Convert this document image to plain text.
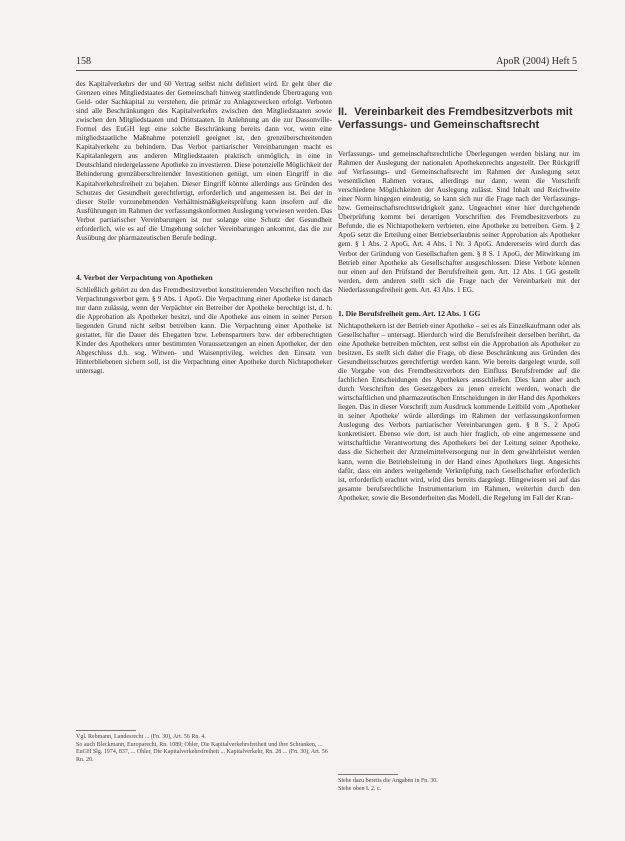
158	ApoR (2004) Heft 5

des Kapitalverkehrs der und 60 Vertrag selbst nicht definiert wird. Er geht über die Grenzen eines Mitgliedstaates der Gemeinschaft hinweg stattfindende Übertragung von Geld- oder Sachkapital zu verstehen, die primär zu Anlagezwecken erfolgt. Verboten sind alle Beschränkungen des Kapitalverkehrs zwischen den Mitgliedstaaten sowie zwischen den Mitgliedstaaten und Drittstaaten. In Anlehnung an die zur Dassonville-Formel des EuGH legt eine solche Beschränkung bereits dann vor, wenn eine mitgliedstaatliche Maßnahme potenziell geeignet ist, den grenzüberschreitenden Kapitalverkehr zu behindern. Das Verbot partiarischer Vereinbarungen macht es Kapitalanlegern aus anderen Mitgliedstaaten praktisch unmöglich, in eine in Deutschland niedergelassene Apotheke zu investieren. Diese potenzielle Möglichkeit der Behinderung grenzüberschreitender Investitionen genügt, um einen Eingriff in die Kapitalverkehrsfreiheit zu bejahen. Dieser Eingriff könnte allerdings aus Gründen des Schutzes der Gesundheit gerechtfertigt, erforderlich und angemessen ist. Bei der in dieser Stelle vorzunehmenden Verhältnismäßigkeitsprüfung kann insofern auf die Ausführungen im Rahmen der verfassungskonformen Auslegung verwiesen werden. Das Verbot partiarischer Vereinbarungen ist nur solange eine Schutz der Gesundheit erforderlich, wie es auf die Umgehung solcher Vereinbarungen ankommt, das die zur Ausübung der pharmazeutischen Berufe bedingt.

4. Verbot der Verpachtung von Apotheken

Schließlich gehört zu den das Fremdbesitzverbot konstituierenden Vorschriften noch das Verpachtungsverbot gem. § 9 Abs. 1 ApoG. Die Verpachtung einer Apotheke ist danach nur dann zulässig, wenn der Verpächter ein Betreiber der Apotheke berechtigt ist, d. h. die Approbation als Apotheker besitzt, und die Apotheke aus einem in seiner Person liegenden Grund nicht selbst betreiben kann. Die Verpachtung einer Apotheke ist gestattet, für die Dauer des Ehegatten bzw. Lebenspartners bzw. der erbberechtigten Kinder des Apothekers unter bestimmten Voraussetzungen an einen Apotheker, der den Abgeschluss d.h. sog. Witwen- und Waisenprivileg, welches den Einsatz von Hinterbliebenen sichern soll, ist die Verpachtung einer Apotheke durch Nichtapotheker untersagt.

Vgl. Rebmann, Landesrecht ... (Fn. 30), Art. 56 Rn. 4.

So auch Bleckmann, Europarecht, Rn. 1089; Ohler, Die Kapitalverkehrsfreiheit und ihre Schranken, ... EuGH Slg. 1974, 837, ... Ohler, Die Kapitalverkehrsfreiheit ... Kapitalverkehr, Rn. 28 ... (Fn. 30), Art. 56 Rn. 20.

II. Vereinbarkeit des Fremdbesitzverbots mit Verfassungs- und Gemeinschaftsrecht

Verfassungs- und gemeinschaftsrechtliche Überlegungen werden bislang nur im Rahmen der Auslegung der nationalen Apothekenrechts angestellt. Der Rückgriff auf Verfassungs- und Gemeinschaftsrecht im Rahmen der Auslegung setzt wesentlichen Rahmen voraus, allerdings nur dann, wenn die Vorschrift verschiedene Möglichkeiten der Auslegung zulässt. Sind Inhalt und Reichweite einer Norm hingegen eindeutig, so kann sich nur die Frage nach der Verfassungs- bzw. Gemeinschaftsrechtswidrigkeit ganz. Ungeachtet einer hier durchgehende Überprüfung kommt bei derartigen Vorschriften des Fremdbesitzverbots zu Befunde, die es Nichtapothekern verbieten, eine Apotheke zu betreiben. Gem. § 2 ApoG setzt die Erteilung einer Betriebserlaubnis seiner Approbation als Apotheker gem. § 1 Abs. 2 ApoG, Art. 4 Abs. 1 Nr. 3 ApoG. Andererseits wird durch das Verbot der Gründung von Gesellschaften gem. § 8 S. 1 ApoG, der Mitwirkung im Betrieb einer Apotheke als Gesellschafter ausgeschlossen. Diese Verbote können nur einen auf den Prüfstand der Berufsfreiheit gem. Art. 12 Abs. 1 GG gestellt werden, dem anderen stellt sich die Frage nach der Vereinbarkeit mit der Niederlassungsfreiheit gem. Art. 43 Abs. 1 EG.

1. Die Berufsfreiheit gem. Art. 12 Abs. 1 GG

Nichtapothekern ist der Betrieb einer Apotheke – sei es als Einzelkaufmann oder als Gesellschafter – untersagt. Hierdurch wird die Berufsfreiheit derselben berührt, da eine Apotheke betreiben möchten, erst selbst ein die Approbation als Apotheker zu besitzen. Es stellt sich daher die Frage, ob diese Beschränkung aus Gründen des Gesundheitsschutzes gerechtfertigt werden kann. Wie bereits dargelegt wurde, soll die Vorgabe von des Fremdbesitzverbots den Einfluss Berufsfremder auf die fachlichen Entscheidungen des Apothekers ausschließen. Dies kann aber auch durch Vorschriften des Gesetzgebers zu jenen erreicht werden, wonach die wirtschaftlichen und pharmazeutischen Entscheidungen in der Hand des Apothekers liegen. Das in dieser Vorschrift zum Ausdruck kommende Leitbild vom ‚Apotheker in seiner Apotheke' würde allerdings im Rahmen der verfassungskonformen Auslegung des Verbots partiarischer Vereinbarungen gem. § 8 S. 2 ApoG konkretisiert. Ebenso wie dort, ist auch hier fraglich, ob eine angemessene und wirtschaftliche Verantwortung des Apothekers bei der Leitung seiner Apotheke, dass die Sicherheit der Arzneimittelversorgung nur in dem gewährleistet werden kann, wenn die Betriebsleitung in der Hand eines Apothekers liegt. Angesichts dafür, dass ein anders weitgehende Verknüpfung nach Gesellschafter erforderlich ist, erforderlich erachtet wird, wird dies bereits dargelegt. Hingewiesen sei auf das gesamte berufsrechtliche Instrumentarium im Rahmen, weiterhin durch den Apotheker, sowie die Besonderheiten das Modell, die Regelung im Fall der Kran-

Siehe dazu bereits die Angaben in Fn. 30.

Siehe oben I. 2. c.
